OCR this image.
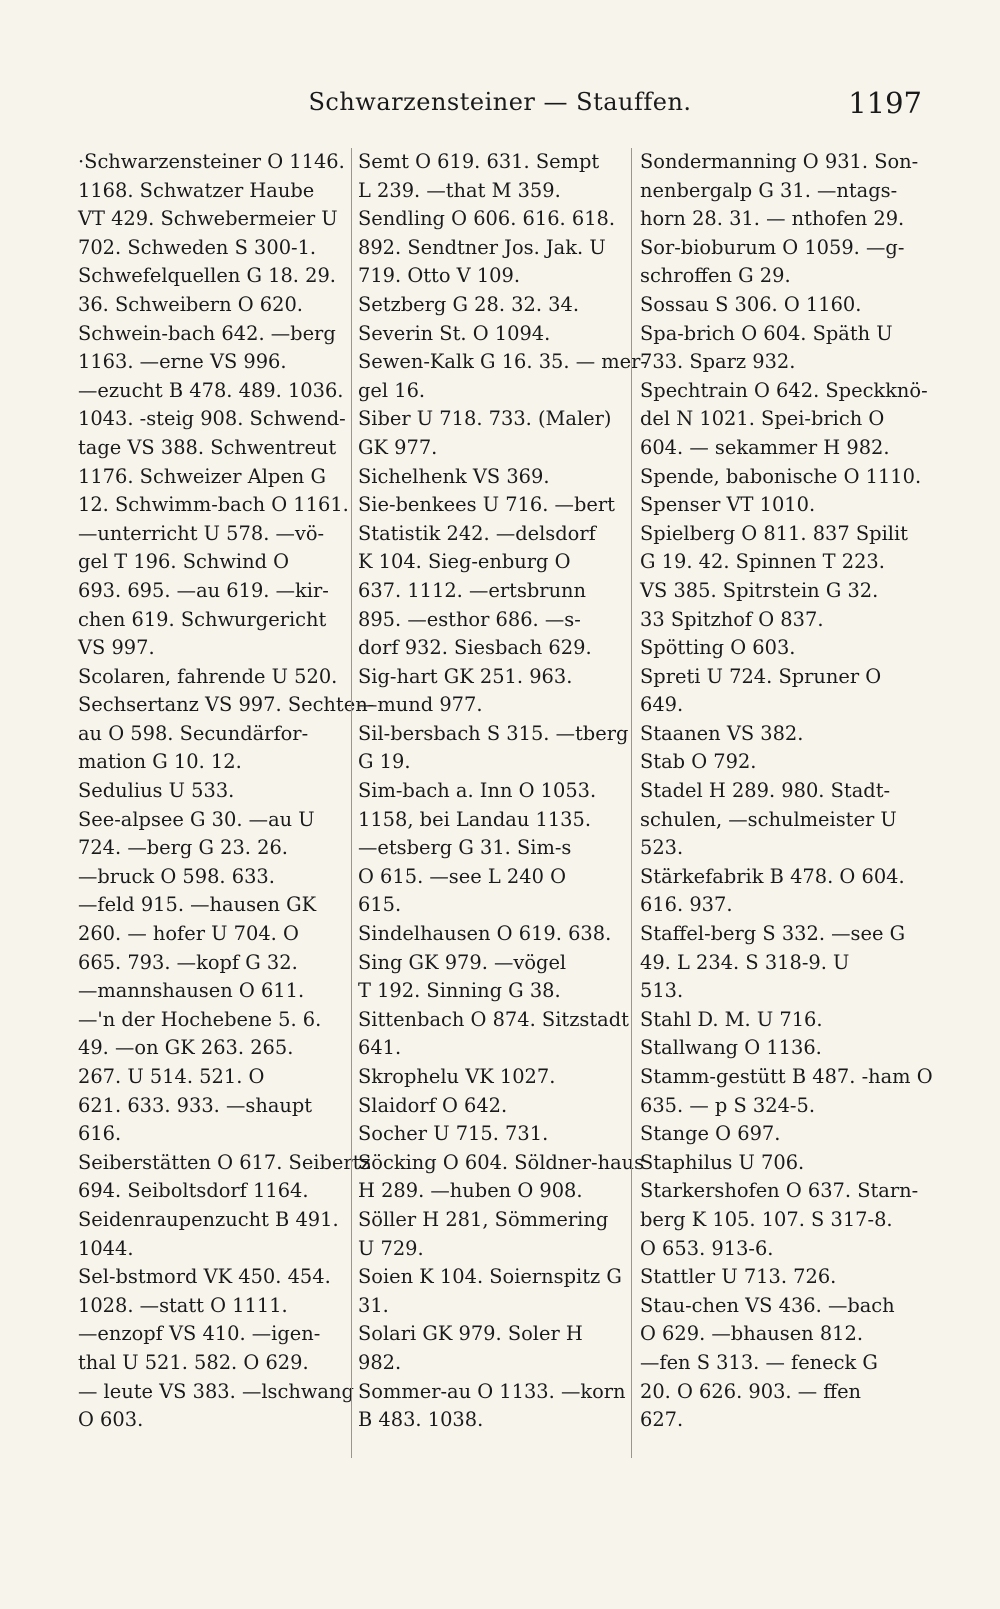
Schwarzensteiner — Stauffen.	1197
·Schwarzensteiner O 1146.
1168. Schwatzer Haube
VT 429. Schwebermeier U
702. Schweden S 300-1.
Schwefelquellen G 18. 29.
36. Schweibern O 620.
Schwein-bach 642. —berg
1163. —erne VS 996.
—ezucht B 478. 489. 1036.
1043. -steig 908. Schwend-
tage VS 388. Schwentreut
1176. Schweizer Alpen G
12. Schwimm-bach O 1161.
—unterricht U 578. —vö-
gel T 196. Schwind O
693. 695. —au 619. —kir-
chen 619. Schwurgericht
VS 997.
Scolaren, fahrende U 520.
Sechsertanz VS 997. Sechten-
au O 598. Secundärfor-
mation G 10. 12.
Sedulius U 533.
See-alpsee G 30. —au U
724. —berg G 23. 26.
—bruck O 598. 633.
—feld 915. —hausen GK
260. — hofer U 704. O
665. 793. —kopf G 32.
—mannshausen O 611.
—'n der Hochebene 5. 6.
49. —on GK 263. 265.
267. U 514. 521. O
621. 633. 933. —shaupt
616.
Seiberstätten O 617. Seibertz
694. Seiboltsdorf 1164.
Seidenraupenzucht B 491.
1044.
Sel-bstmord VK 450. 454.
1028. —statt O 1111.
—enzopf VS 410. —igen-
thal U 521. 582. O 629.
— leute VS 383. —lschwang
O 603.
Semt O 619. 631. Sempt
L 239. —that M 359.
Sendling O 606. 616. 618.
892. Sendtner Jos. Jak. U
719. Otto V 109.
Setzberg G 28. 32. 34.
Severin St. O 1094.
Sewen-Kalk G 16. 35. — mer-
gel 16.
Siber U 718. 733. (Maler)
GK 977.
Sichelhenk VS 369.
Sie-benkees U 716. —bert
Statistik 242. —delsdorf
K 104. Sieg-enburg O
637. 1112. —ertsbrunn
895. —esthor 686. —s-
dorf 932. Siesbach 629.
Sig-hart GK 251. 963.
—mund 977.
Sil-bersbach S 315. —tberg
G 19.
Sim-bach a. Inn O 1053.
1158, bei Landau 1135.
—etsberg G 31. Sim-s
O 615. —see L 240 O
615.
Sindelhausen O 619. 638.
Sing GK 979. —vögel
T 192. Sinning G 38.
Sittenbach O 874. Sitzstadt
641.
Skrophelu VK 1027.
Slaidorf O 642.
Socher U 715. 731.
Söcking O 604. Söldner-haus
H 289. —huben O 908.
Söller H 281, Sömmering
U 729.
Soien K 104. Soiernspitz G
31.
Solari GK 979. Soler H
982.
Sommer-au O 1133. —korn
B 483. 1038.
Sondermanning O 931. Son-
nenbergalp G 31. —ntags-
horn 28. 31. — nthofen 29.
Sor-bioburum O 1059. —g-
schroffen G 29.
Sossau S 306. O 1160.
Spa-brich O 604. Späth U
733. Sparz 932.
Spechtrain O 642. Speckknö-
del N 1021. Spei-brich O
604. — sekammer H 982.
Spende, babonische O 1110.
Spenser VT 1010.
Spielberg O 811. 837 Spilit
G 19. 42. Spinnen T 223.
VS 385. Spitrstein G 32.
33 Spitzhof O 837.
Spötting O 603.
Spreti U 724. Spruner O
649.
Staanen VS 382.
Stab O 792.
Stadel H 289. 980. Stadt-
schulen, —schulmeister U
523.
Stärkefabrik B 478. O 604.
616. 937.
Staffel-berg S 332. —see G
49. L 234. S 318-9. U
513.
Stahl D. M. U 716.
Stallwang O 1136.
Stamm-gestütt B 487. -ham O
635. — p S 324-5.
Stange O 697.
Staphilus U 706.
Starkershofen O 637. Starn-
berg K 105. 107. S 317-8.
O 653. 913-6.
Stattler U 713. 726.
Stau-chen VS 436. —bach
O 629. —bhausen 812.
—fen S 313. — feneck G
20. O 626. 903. — ffen
627.
